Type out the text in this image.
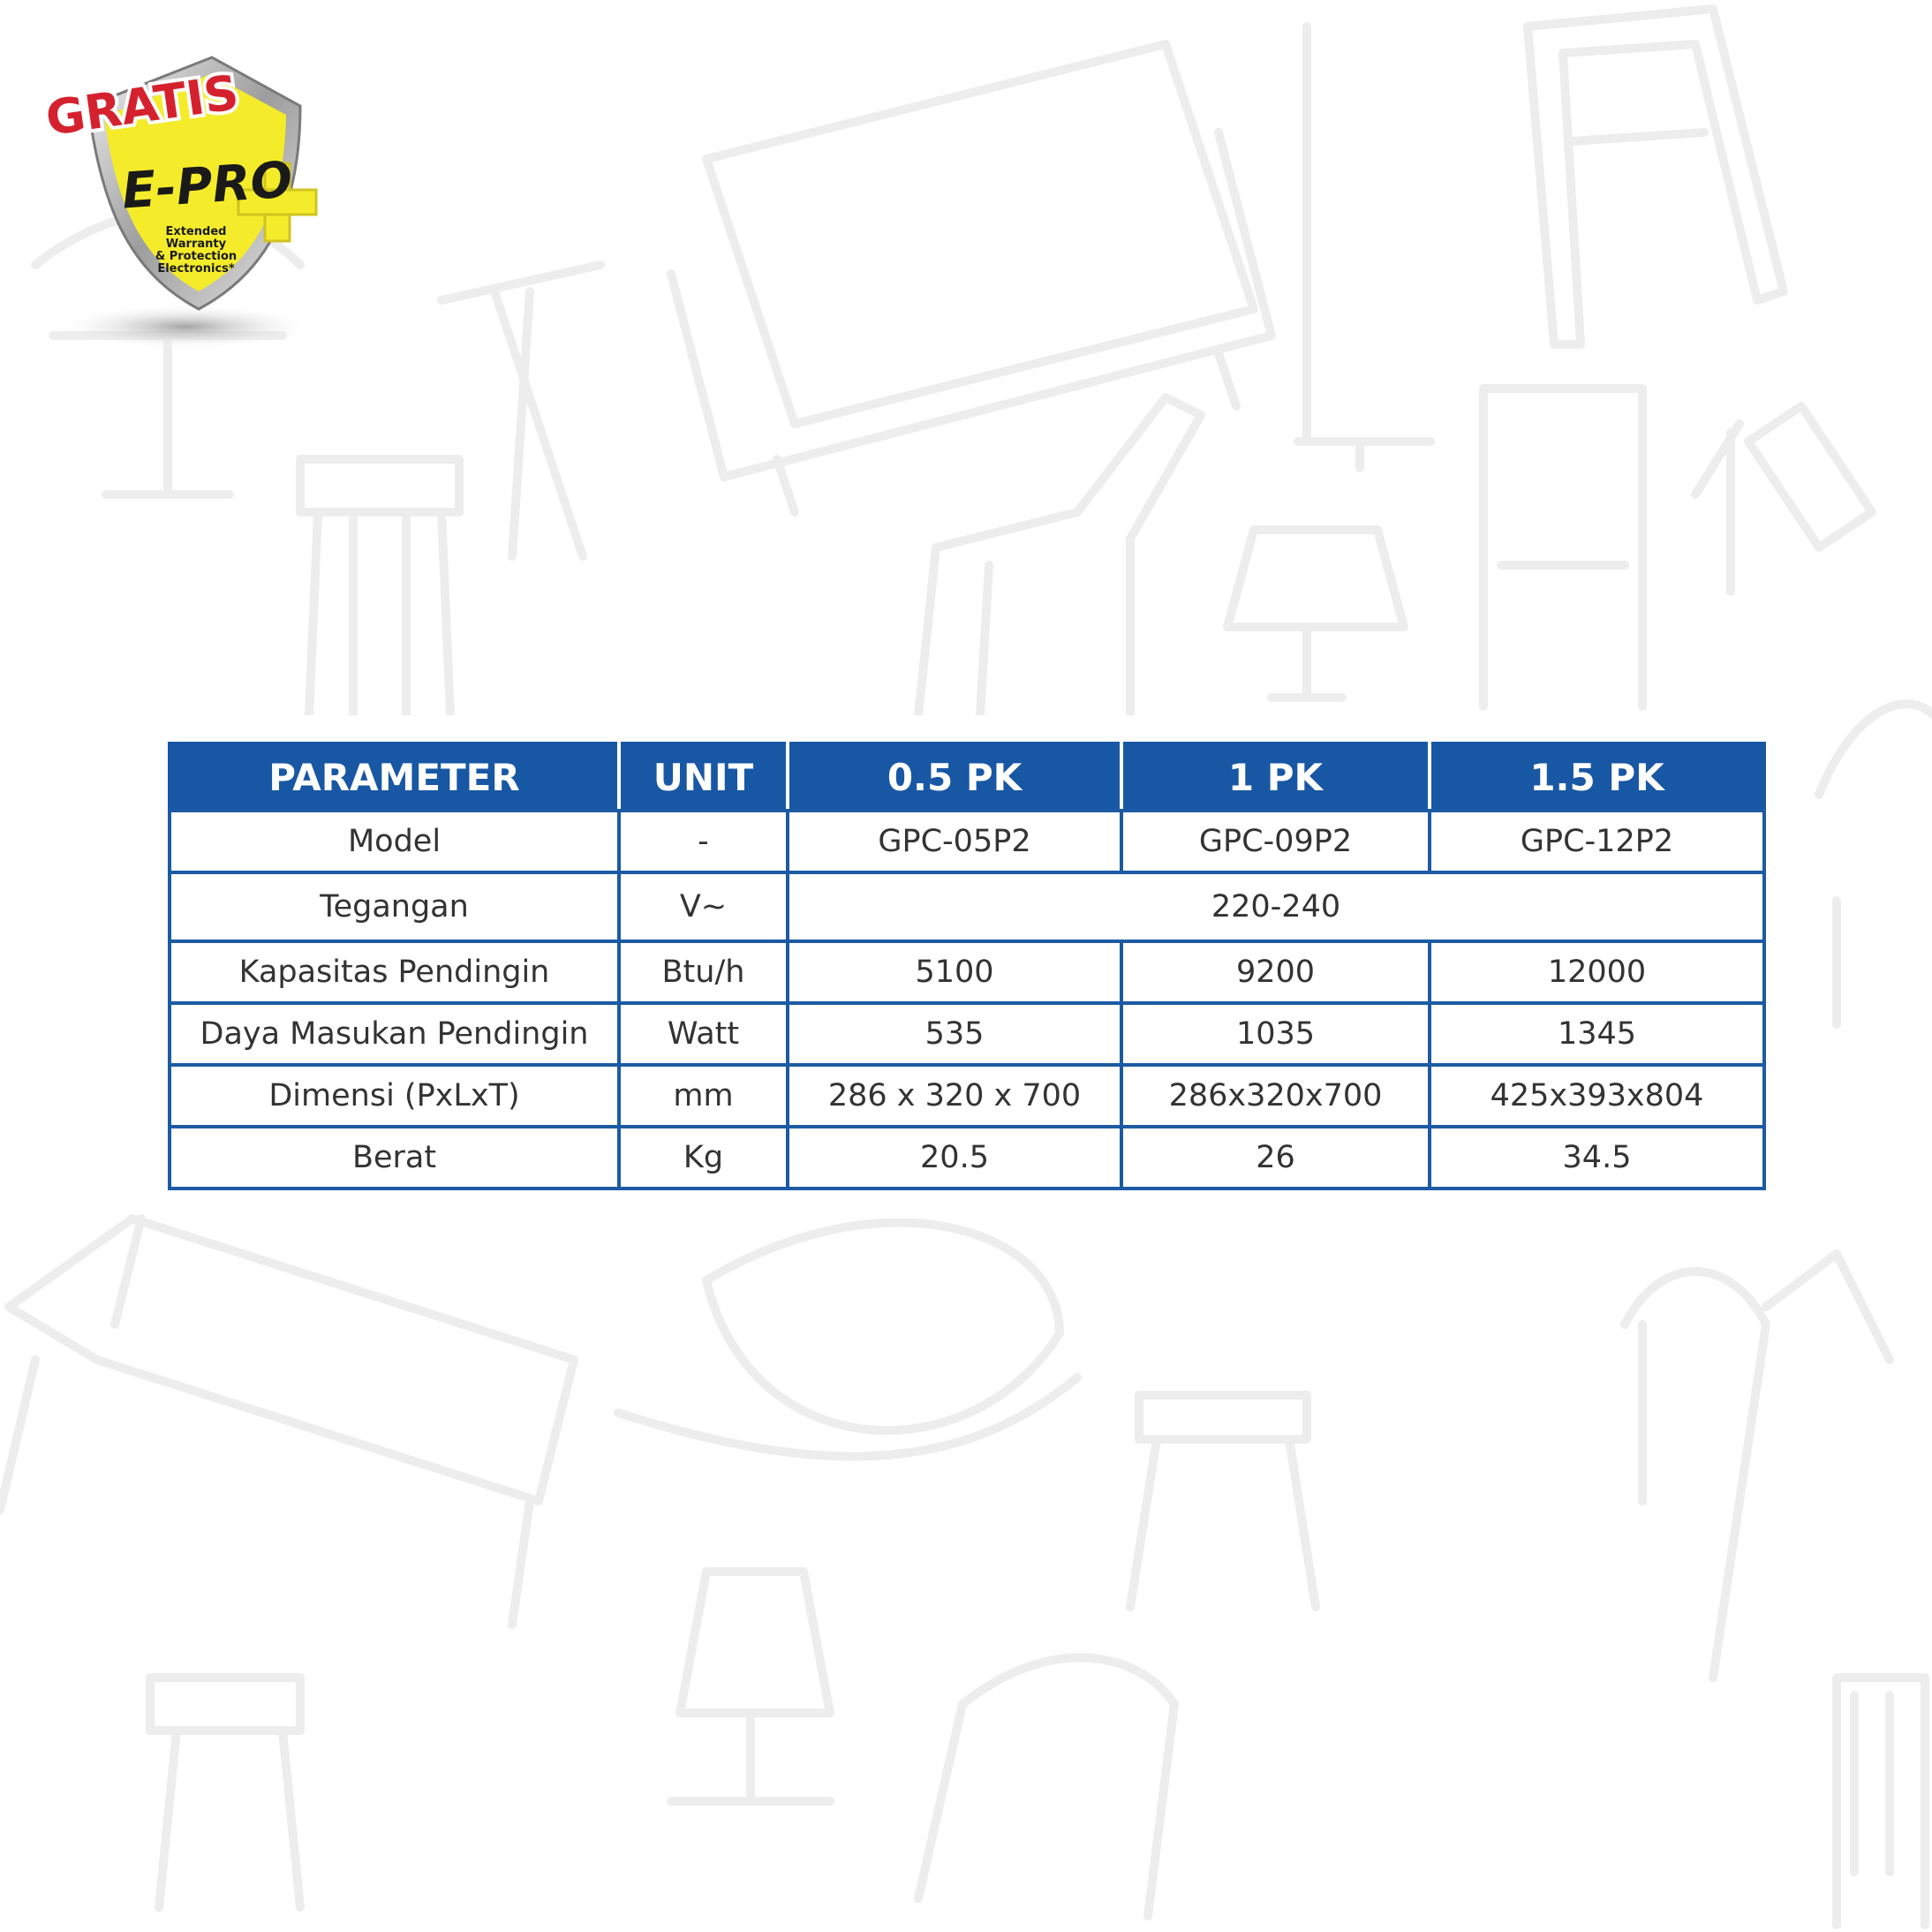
GRATIS
E-PRO
Extended
Warranty
& Protection
Electronics*
PARAMETER	UNIT	0.5 PK	1 PK	1.5 PK
Model	-	GPC-05P2	GPC-09P2	GPC-12P2
Tegangan	V~	220-240		
Kapasitas Pendingin	Btu/h	5100	9200	12000
Daya Masukan Pendingin	Watt	535	1035	1345
Dimensi (PxLxT)	mm	286 x 320 x 700	286x320x700	425x393x804
Berat	Kg	20.5	26	34.5
